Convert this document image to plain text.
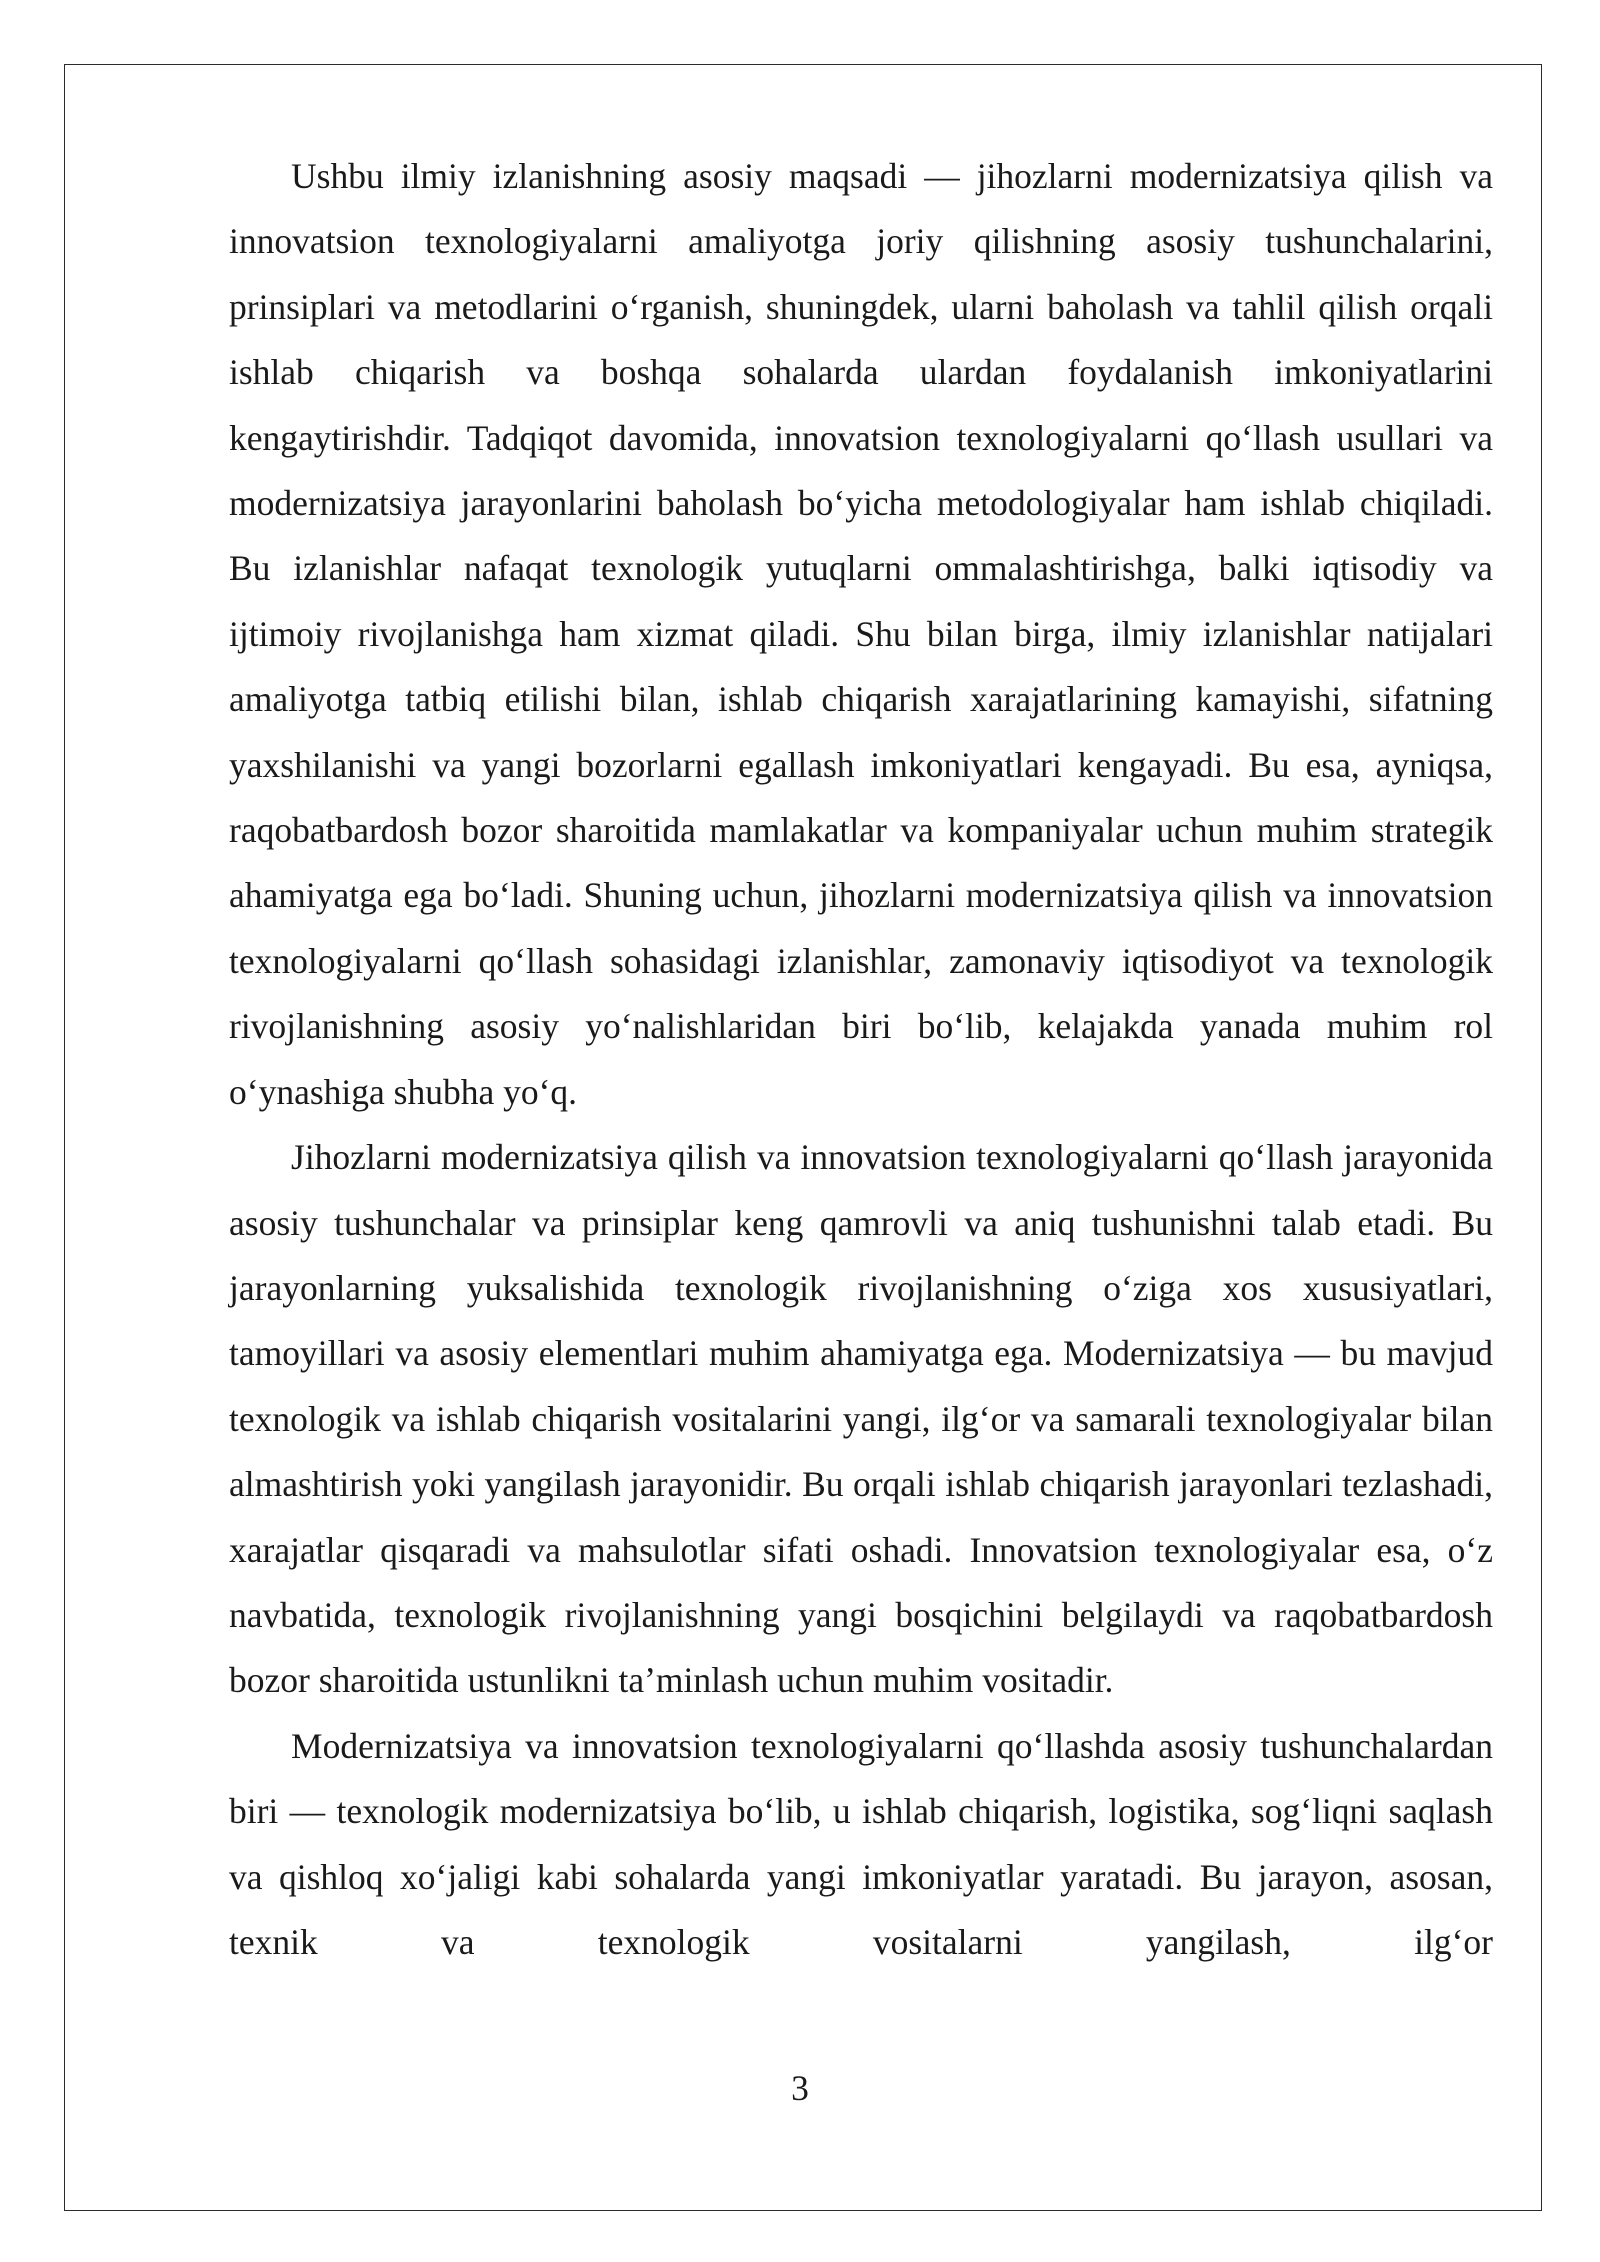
Ushbu ilmiy izlanishning asosiy maqsadi — jihozlarni modernizatsiya qilish va innovatsion texnologiyalarni amaliyotga joriy qilishning asosiy tushunchalarini, prinsiplari va metodlarini oʻrganish, shuningdek, ularni baholash va tahlil qilish orqali ishlab chiqarish va boshqa sohalarda ulardan foydalanish imkoniyatlarini kengaytirishdir. Tadqiqot davomida, innovatsion texnologiyalarni qoʻllash usullari va modernizatsiya jarayonlarini baholash boʻyicha metodologiyalar ham ishlab chiqiladi. Bu izlanishlar nafaqat texnologik yutuqlarni ommalashtirishga, balki iqtisodiy va ijtimoiy rivojlanishga ham xizmat qiladi. Shu bilan birga, ilmiy izlanishlar natijalari amaliyotga tatbiq etilishi bilan, ishlab chiqarish xarajatlarining kamayishi, sifatning yaxshilanishi va yangi bozorlarni egallash imkoniyatlari kengayadi. Bu esa, ayniqsa, raqobatbardosh bozor sharoitida mamlakatlar va kompaniyalar uchun muhim strategik ahamiyatga ega boʻladi. Shuning uchun, jihozlarni modernizatsiya qilish va innovatsion texnologiyalarni qoʻllash sohasidagi izlanishlar, zamonaviy iqtisodiyot va texnologik rivojlanishning asosiy yoʻnalishlaridan biri boʻlib, kelajakda yanada muhim rol oʻynashiga shubha yoʻq.

Jihozlarni modernizatsiya qilish va innovatsion texnologiyalarni qoʻllash jarayonida asosiy tushunchalar va prinsiplar keng qamrovli va aniq tushunishni talab etadi. Bu jarayonlarning yuksalishida texnologik rivojlanishning oʻziga xos xususiyatlari, tamoyillari va asosiy elementlari muhim ahamiyatga ega. Modernizatsiya — bu mavjud texnologik va ishlab chiqarish vositalarini yangi, ilgʻor va samarali texnologiyalar bilan almashtirish yoki yangilash jarayonidir. Bu orqali ishlab chiqarish jarayonlari tezlashadi, xarajatlar qisqaradi va mahsulotlar sifati oshadi. Innovatsion texnologiyalar esa, oʻz navbatida, texnologik rivojlanishning yangi bosqichini belgilaydi va raqobatbardosh bozor sharoitida ustunlikni taʼminlash uchun muhim vositadir.

Modernizatsiya va innovatsion texnologiyalarni qoʻllashda asosiy tushunchalardan biri — texnologik modernizatsiya boʻlib, u ishlab chiqarish, logistika, sogʻliqni saqlash va qishloq xoʻjaligi kabi sohalarda yangi imkoniyatlar yaratadi. Bu jarayon, asosan, texnik va texnologik vositalarni yangilash, ilgʻor

3
